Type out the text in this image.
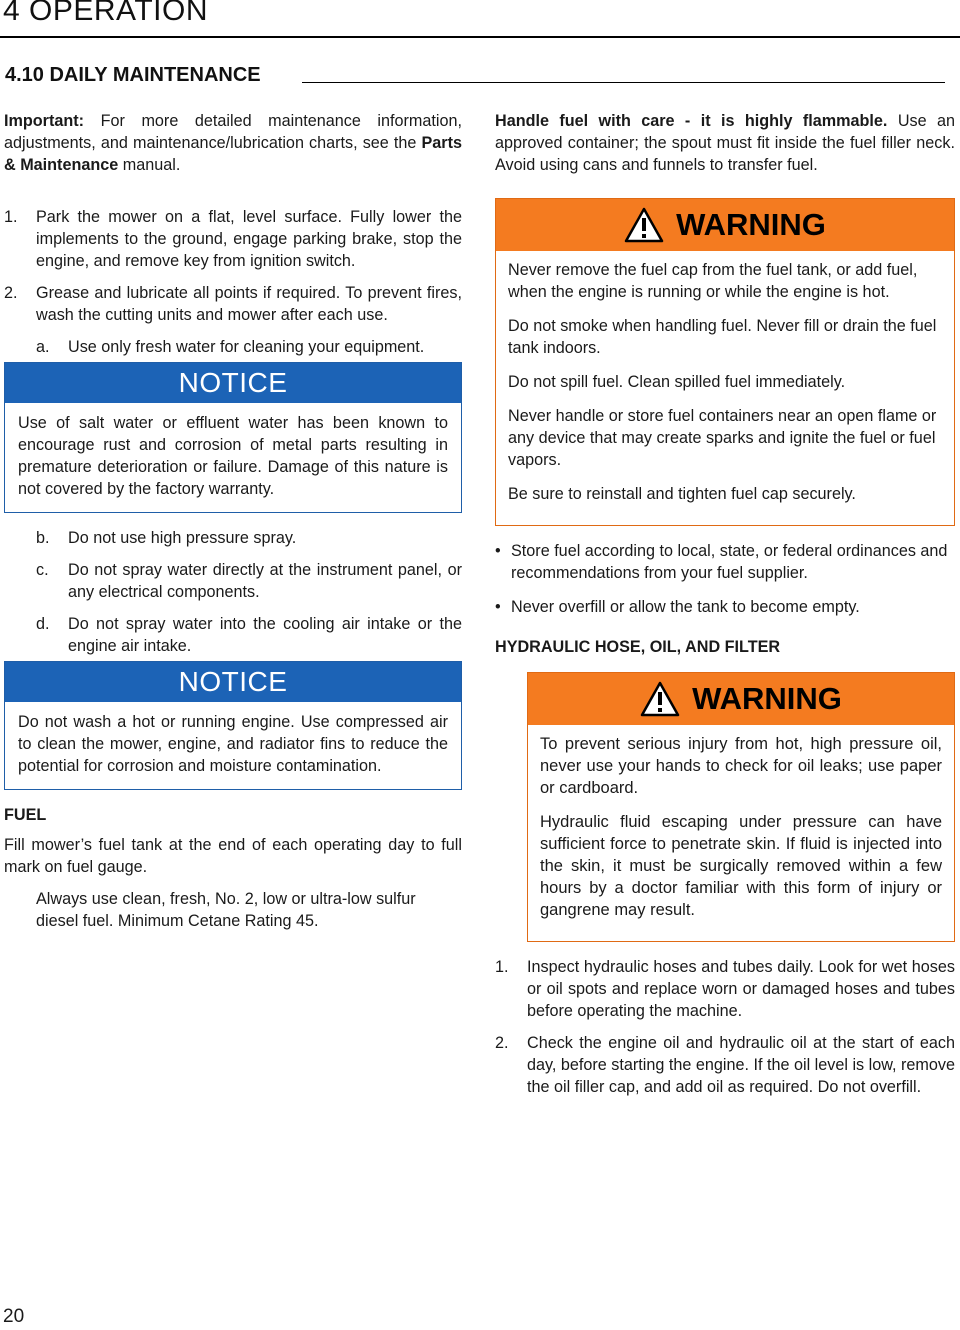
4 OPERATION
4.10 DAILY MAINTENANCE

Important: For more detailed maintenance information, adjustments, and maintenance/lubrication charts, see the Parts & Maintenance manual.

1.	Park the mower on a flat, level surface. Fully lower the implements to the ground, engage parking brake, stop the engine, and remove key from ignition switch.
2.	Grease and lubricate all points if required. To prevent fires, wash the cutting units and mower after each use.
a.	Use only fresh water for cleaning your equipment.
NOTICE
Use of salt water or effluent water has been known to encourage rust and corrosion of metal parts resulting in premature deterioration or failure. Damage of this nature is not covered by the factory warranty.
b.	Do not use high pressure spray.
c.	Do not spray water directly at the instrument panel, or any electrical components.
d.	Do not spray water into the cooling air intake or the engine air intake.
NOTICE
Do not wash a hot or running engine. Use compressed air to clean the mower, engine, and radiator fins to reduce the potential for corrosion and moisture contamination.

FUEL

Fill mower’s fuel tank at the end of each operating day to full mark on fuel gauge.

Always use clean, fresh, No. 2, low or ultra-low sulfur diesel fuel. Minimum Cetane Rating 45.

Handle fuel with care - it is highly flammable. Use an approved container; the spout must fit inside the fuel filler neck. Avoid using cans and funnels to transfer fuel.

WARNING

Never remove the fuel cap from the fuel tank, or add fuel, when the engine is running or while the engine is hot.

Do not smoke when handling fuel. Never fill or drain the fuel tank indoors.

Do not spill fuel. Clean spilled fuel immediately.

Never handle or store fuel containers near an open flame or any device that may create sparks and ignite the fuel or fuel vapors.

Be sure to reinstall and tighten fuel cap securely.

• Store fuel according to local, state, or federal ordinances and recommendations from your fuel supplier.
• Never overfill or allow the tank to become empty.

HYDRAULIC HOSE, OIL, AND FILTER

WARNING

To prevent serious injury from hot, high pressure oil, never use your hands to check for oil leaks; use paper or cardboard.

Hydraulic fluid escaping under pressure can have sufficient force to penetrate skin. If fluid is injected into the skin, it must be surgically removed within a few hours by a doctor familiar with this form of injury or gangrene may result.

1.	Inspect hydraulic hoses and tubes daily. Look for wet hoses or oil spots and replace worn or damaged hoses and tubes before operating the machine.
2.	Check the engine oil and hydraulic oil at the start of each day, before starting the engine. If the oil level is low, remove the oil filler cap, and add oil as required. Do not overfill.
20
